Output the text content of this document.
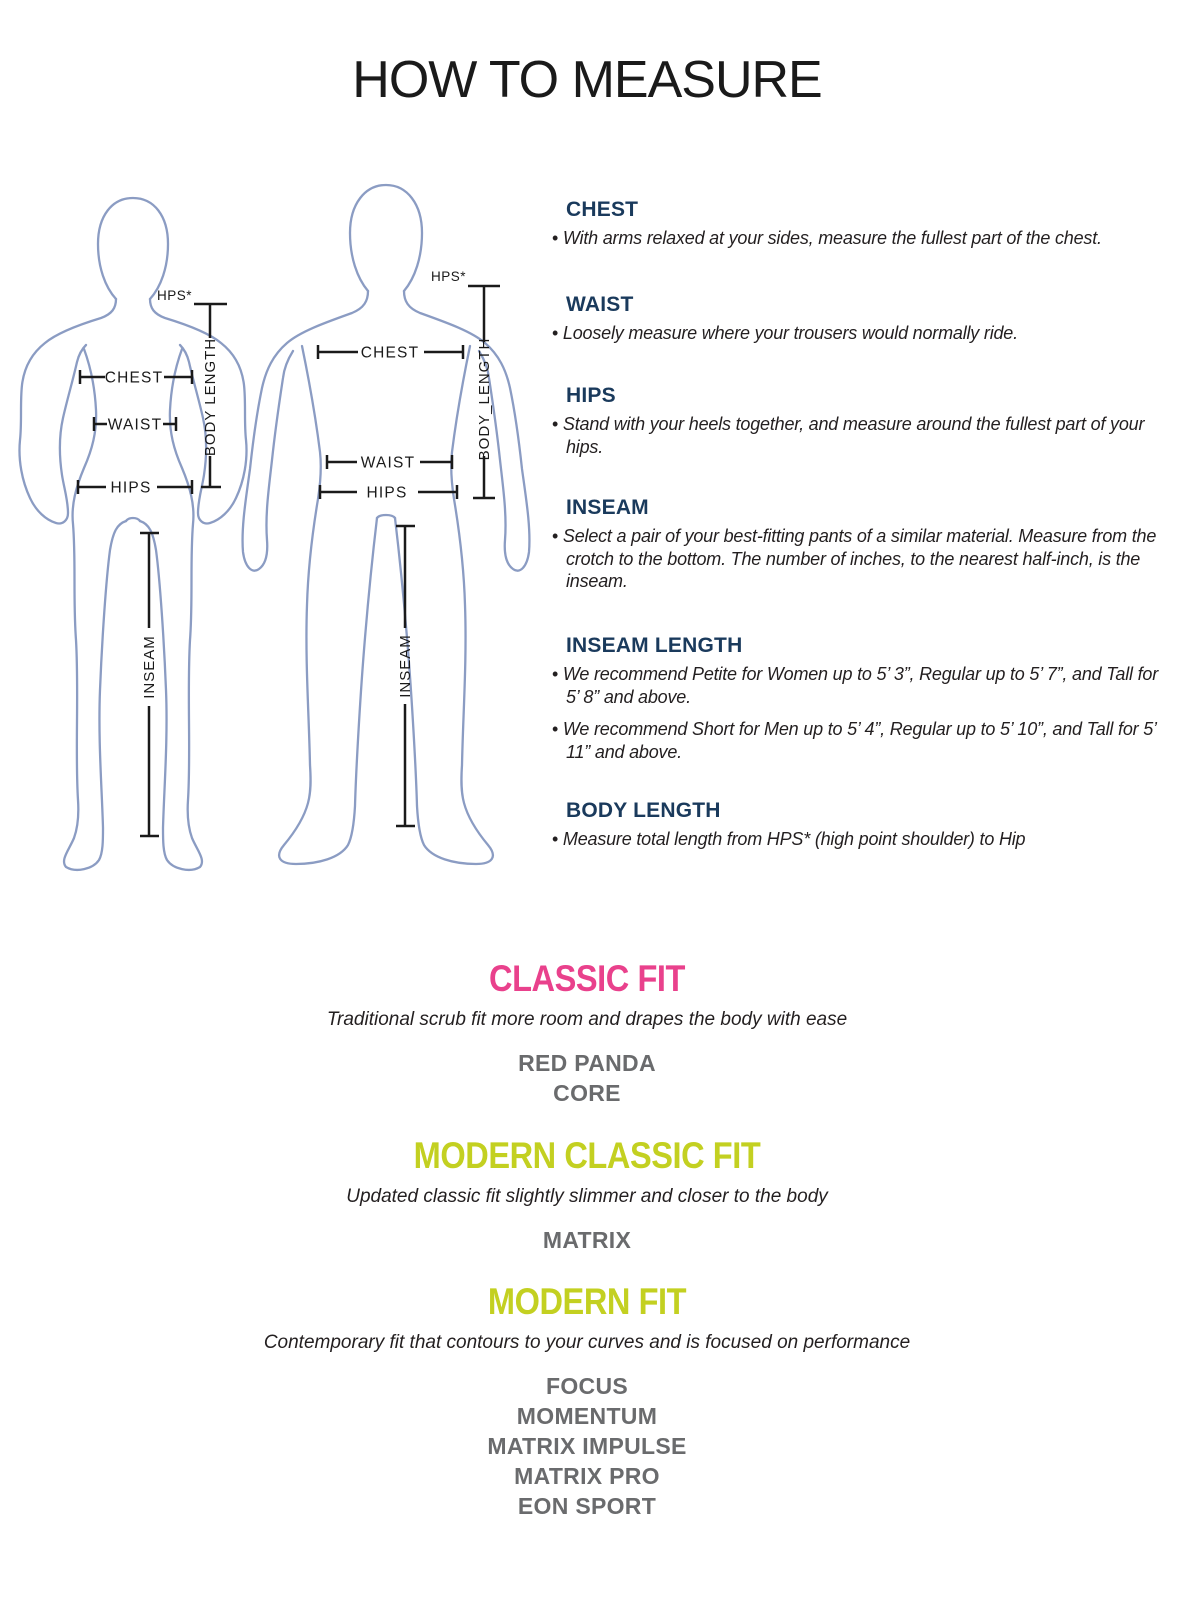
HOW TO MEASURE
HPS*
BODY LENGTH
CHEST
WAIST
HIPS
INSEAM
HPS*
BODY_LENGTH
CHEST
WAIST
HIPS
INSEAM
CHEST
• With arms relaxed at your sides, measure the fullest part of the chest.
WAIST
• Loosely measure where your trousers would normally ride.
HIPS
• Stand with your heels together, and measure around the fullest part of your hips.
INSEAM
• Select a pair of your best-fitting pants of a similar material. Measure from the crotch to the bottom. The number of inches, to the nearest half-inch, is the inseam.
INSEAM LENGTH
• We recommend Petite for Women up to 5’ 3”, Regular up to 5’ 7”, and Tall for 5’ 8” and above.
• We recommend Short for Men up to 5’ 4”, Regular up to 5’ 10”, and Tall for 5’ 11” and above.
BODY LENGTH
• Measure total length from HPS* (high point shoulder) to Hip
CLASSIC FIT
Traditional scrub fit more room and drapes the body with ease
RED PANDA
CORE
MODERN CLASSIC FIT
Updated classic fit slightly slimmer and closer to the body
MATRIX
MODERN FIT
Contemporary fit that contours to your curves and is focused on performance
FOCUS
MOMENTUM
MATRIX IMPULSE
MATRIX PRO
EON SPORT
